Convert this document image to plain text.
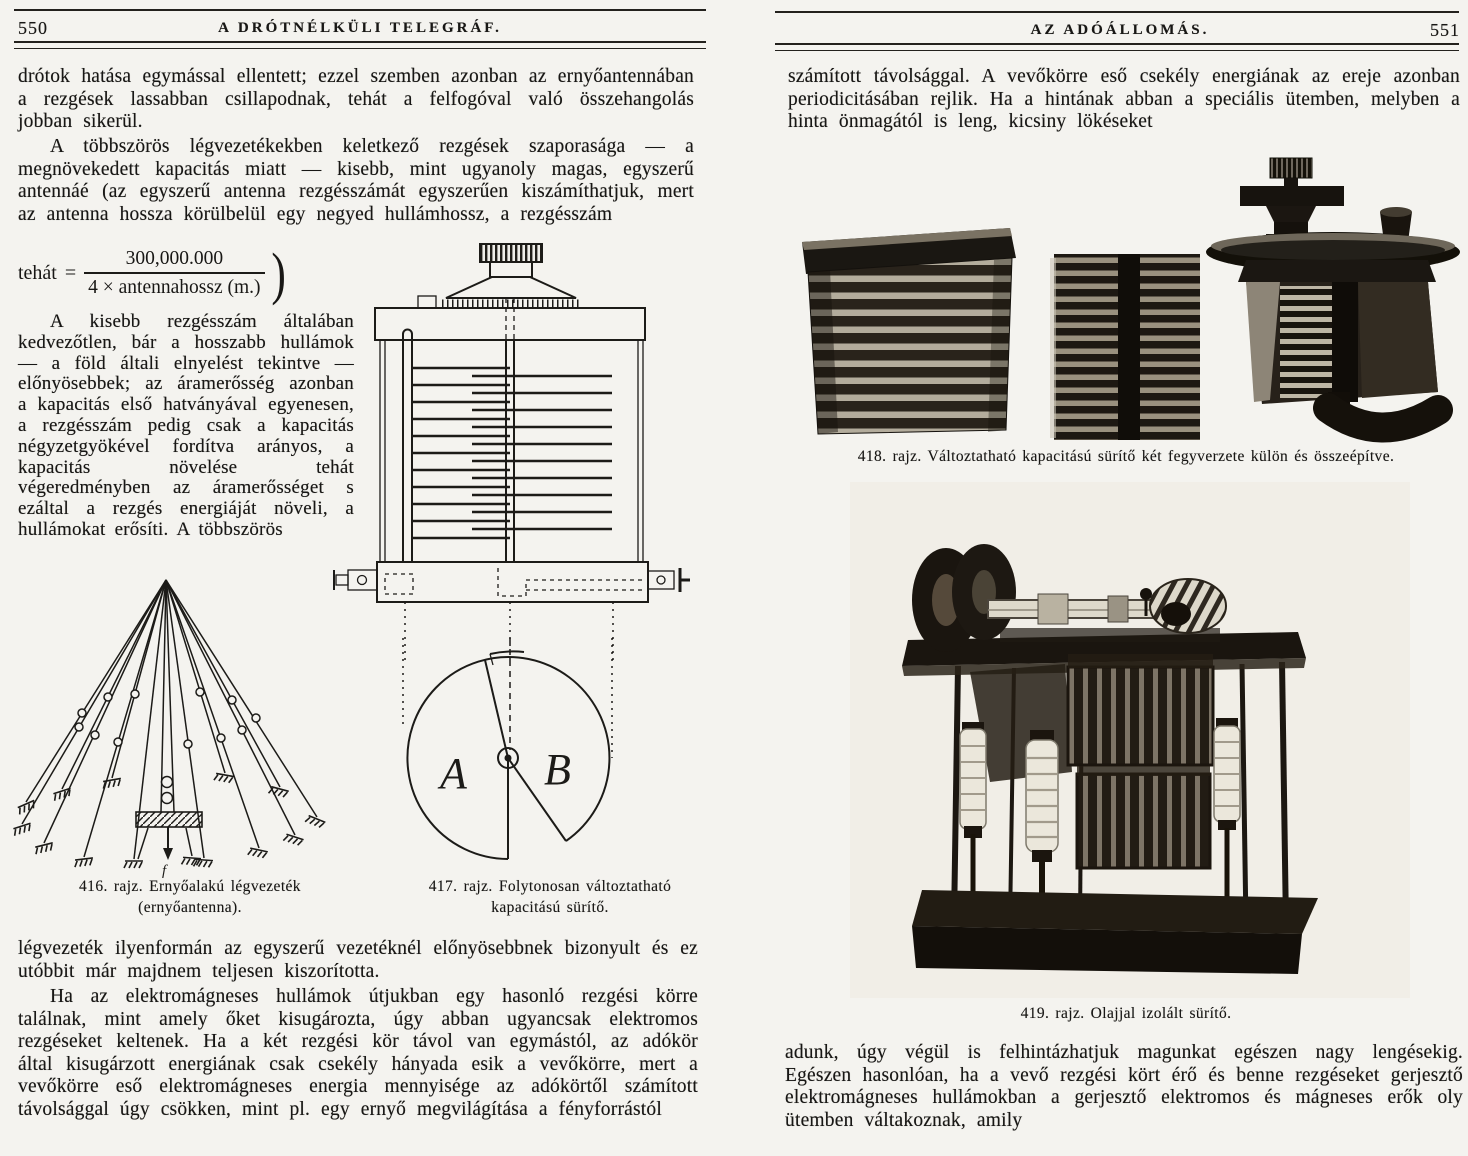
550	A DRÓTNÉLKÜLI TELEGRÁF.
drótok hatása egymással ellentett; ezzel szemben azonban az ernyőantennában a rezgések lassabban csillapodnak, tehát a felfogóval való összehangolás jobban sikerül.
A többszörös légvezetékekben keletkező rezgések szaporasága — a megnövekedett kapacitás miatt — kisebb, mint ugyanoly magas, egyszerű antennáé (az egyszerű antenna rezgésszámát egyszerűen kiszámíthatjuk, mert az antenna hossza körülbelül egy negyed hullámhossz, a rezgésszám
tehát = $\frac{300,000.000}{\text{4 × antennahossz (m.)}}$ )
A kisebb rezgésszám általában kedvezőtlen, bár a hosszabb hullámok — a föld általi elnyelést tekintve — előnyösebbek; az áramerősség azonban a kapacitás első hatványával egyenesen, a rezgésszám pedig csak a kapacitás négyzetgyökével fordítva arányos, a kapacitás növelése tehát végeredményben az áramerősséget s ezáltal a rezgés energiáját növeli, a hullámokat erősíti. A többszörös
f
A B
416. rajz. Ernyőalakú légvezeték
(ernyőantenna).
417. rajz. Folytonosan változtatható
kapacitású sürítő.
légvezeték ilyenformán az egyszerű vezetéknél előnyösebbnek bizonyult és ez utóbbit már majdnem teljesen kiszorította.
Ha az elektromágneses hullámok útjukban egy hasonló rezgési körre találnak, mint amely őket kisugározta, úgy abban ugyancsak elektromos rezgéseket keltenek. Ha a két rezgési kör távol van egymástól, az adókör által kisugárzott energiának csak csekély hányada esik a vevőkörre, mert a vevőkörre eső elektromágneses energia mennyisége az adókörtől számított távolsággal úgy csökken, mint pl. egy ernyő megvilágítása a fényforrástól
AZ ADÓÁLLOMÁS.	551
számított távolsággal. A vevőkörre eső csekély energiának az ereje azonban periodicitásában rejlik. Ha a hintának abban a speciális ütemben, melyben a hinta önmagától is leng, kicsiny lökéseket
418. rajz. Változtatható kapacitású sürítő két fegyverzete külön és összeépítve.
419. rajz. Olajjal izolált sürítő.
adunk, úgy végül is felhintázhatjuk magunkat egészen nagy lengésekig. Egészen hasonlóan, ha a vevő rezgési kört érő és benne rezgéseket gerjesztő elektromágneses hullámokban a gerjesztő elektromos és mágneses erők oly ütemben váltakoznak, amily
